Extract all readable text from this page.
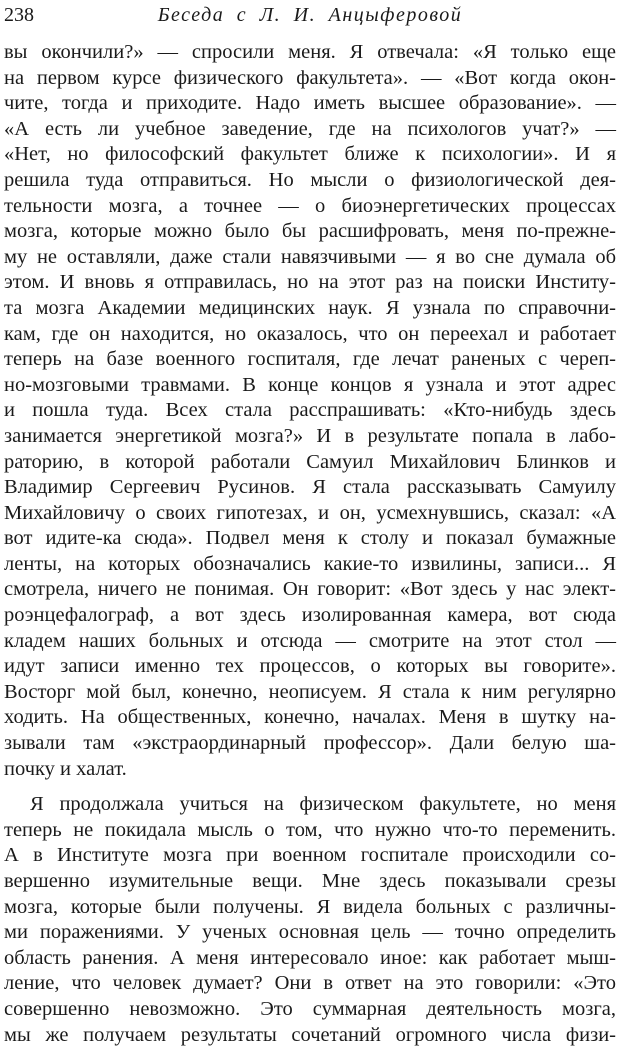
238	Беседа с Л. И. Анцыферовой
вы окончили?» — спросили меня. Я отвечала: «Я только еще
на первом курсе физического факультета». — «Вот когда окон-
чите, тогда и приходите. Надо иметь высшее образование». —
«А есть ли учебное заведение, где на психологов учат?» —
«Нет, но философский факультет ближе к психологии». И я
решила туда отправиться. Но мысли о физиологической дея-
тельности мозга, а точнее — о биоэнергетических процессах
мозга, которые можно было бы расшифровать, меня по-прежне-
му не оставляли, даже стали навязчивыми — я во сне думала об
этом. И вновь я отправилась, но на этот раз на поиски Институ-
та мозга Академии медицинских наук. Я узнала по справочни-
кам, где он находится, но оказалось, что он переехал и работает
теперь на базе военного госпиталя, где лечат раненых с череп-
но-мозговыми травмами. В конце концов я узнала и этот адрес
и пошла туда. Всех стала расспрашивать: «Кто-нибудь здесь
занимается энергетикой мозга?» И в результате попала в лабо-
раторию, в которой работали Самуил Михайлович Блинков и
Владимир Сергеевич Русинов. Я стала рассказывать Самуилу
Михайловичу о своих гипотезах, и он, усмехнувшись, сказал: «А
вот идите-ка сюда». Подвел меня к столу и показал бумажные
ленты, на которых обозначались какие-то извилины, записи... Я
смотрела, ничего не понимая. Он говорит: «Вот здесь у нас элект-
роэнцефалограф, а вот здесь изолированная камера, вот сюда
кладем наших больных и отсюда — смотрите на этот стол —
идут записи именно тех процессов, о которых вы говорите».
Восторг мой был, конечно, неописуем. Я стала к ним регулярно
ходить. На общественных, конечно, началах. Меня в шутку на-
зывали там «экстраординарный профессор». Дали белую ша-
почку и халат.
Я продолжала учиться на физическом факультете, но меня
теперь не покидала мысль о том, что нужно что-то переменить.
А в Институте мозга при военном госпитале происходили со-
вершенно изумительные вещи. Мне здесь показывали срезы
мозга, которые были получены. Я видела больных с различны-
ми поражениями. У ученых основная цель — точно определить
область ранения. А меня интересовало иное: как работает мыш-
ление, что человек думает? Они в ответ на это говорили: «Это
совершенно невозможно. Это суммарная деятельность мозга,
мы же получаем результаты сочетаний огромного числа физи-
